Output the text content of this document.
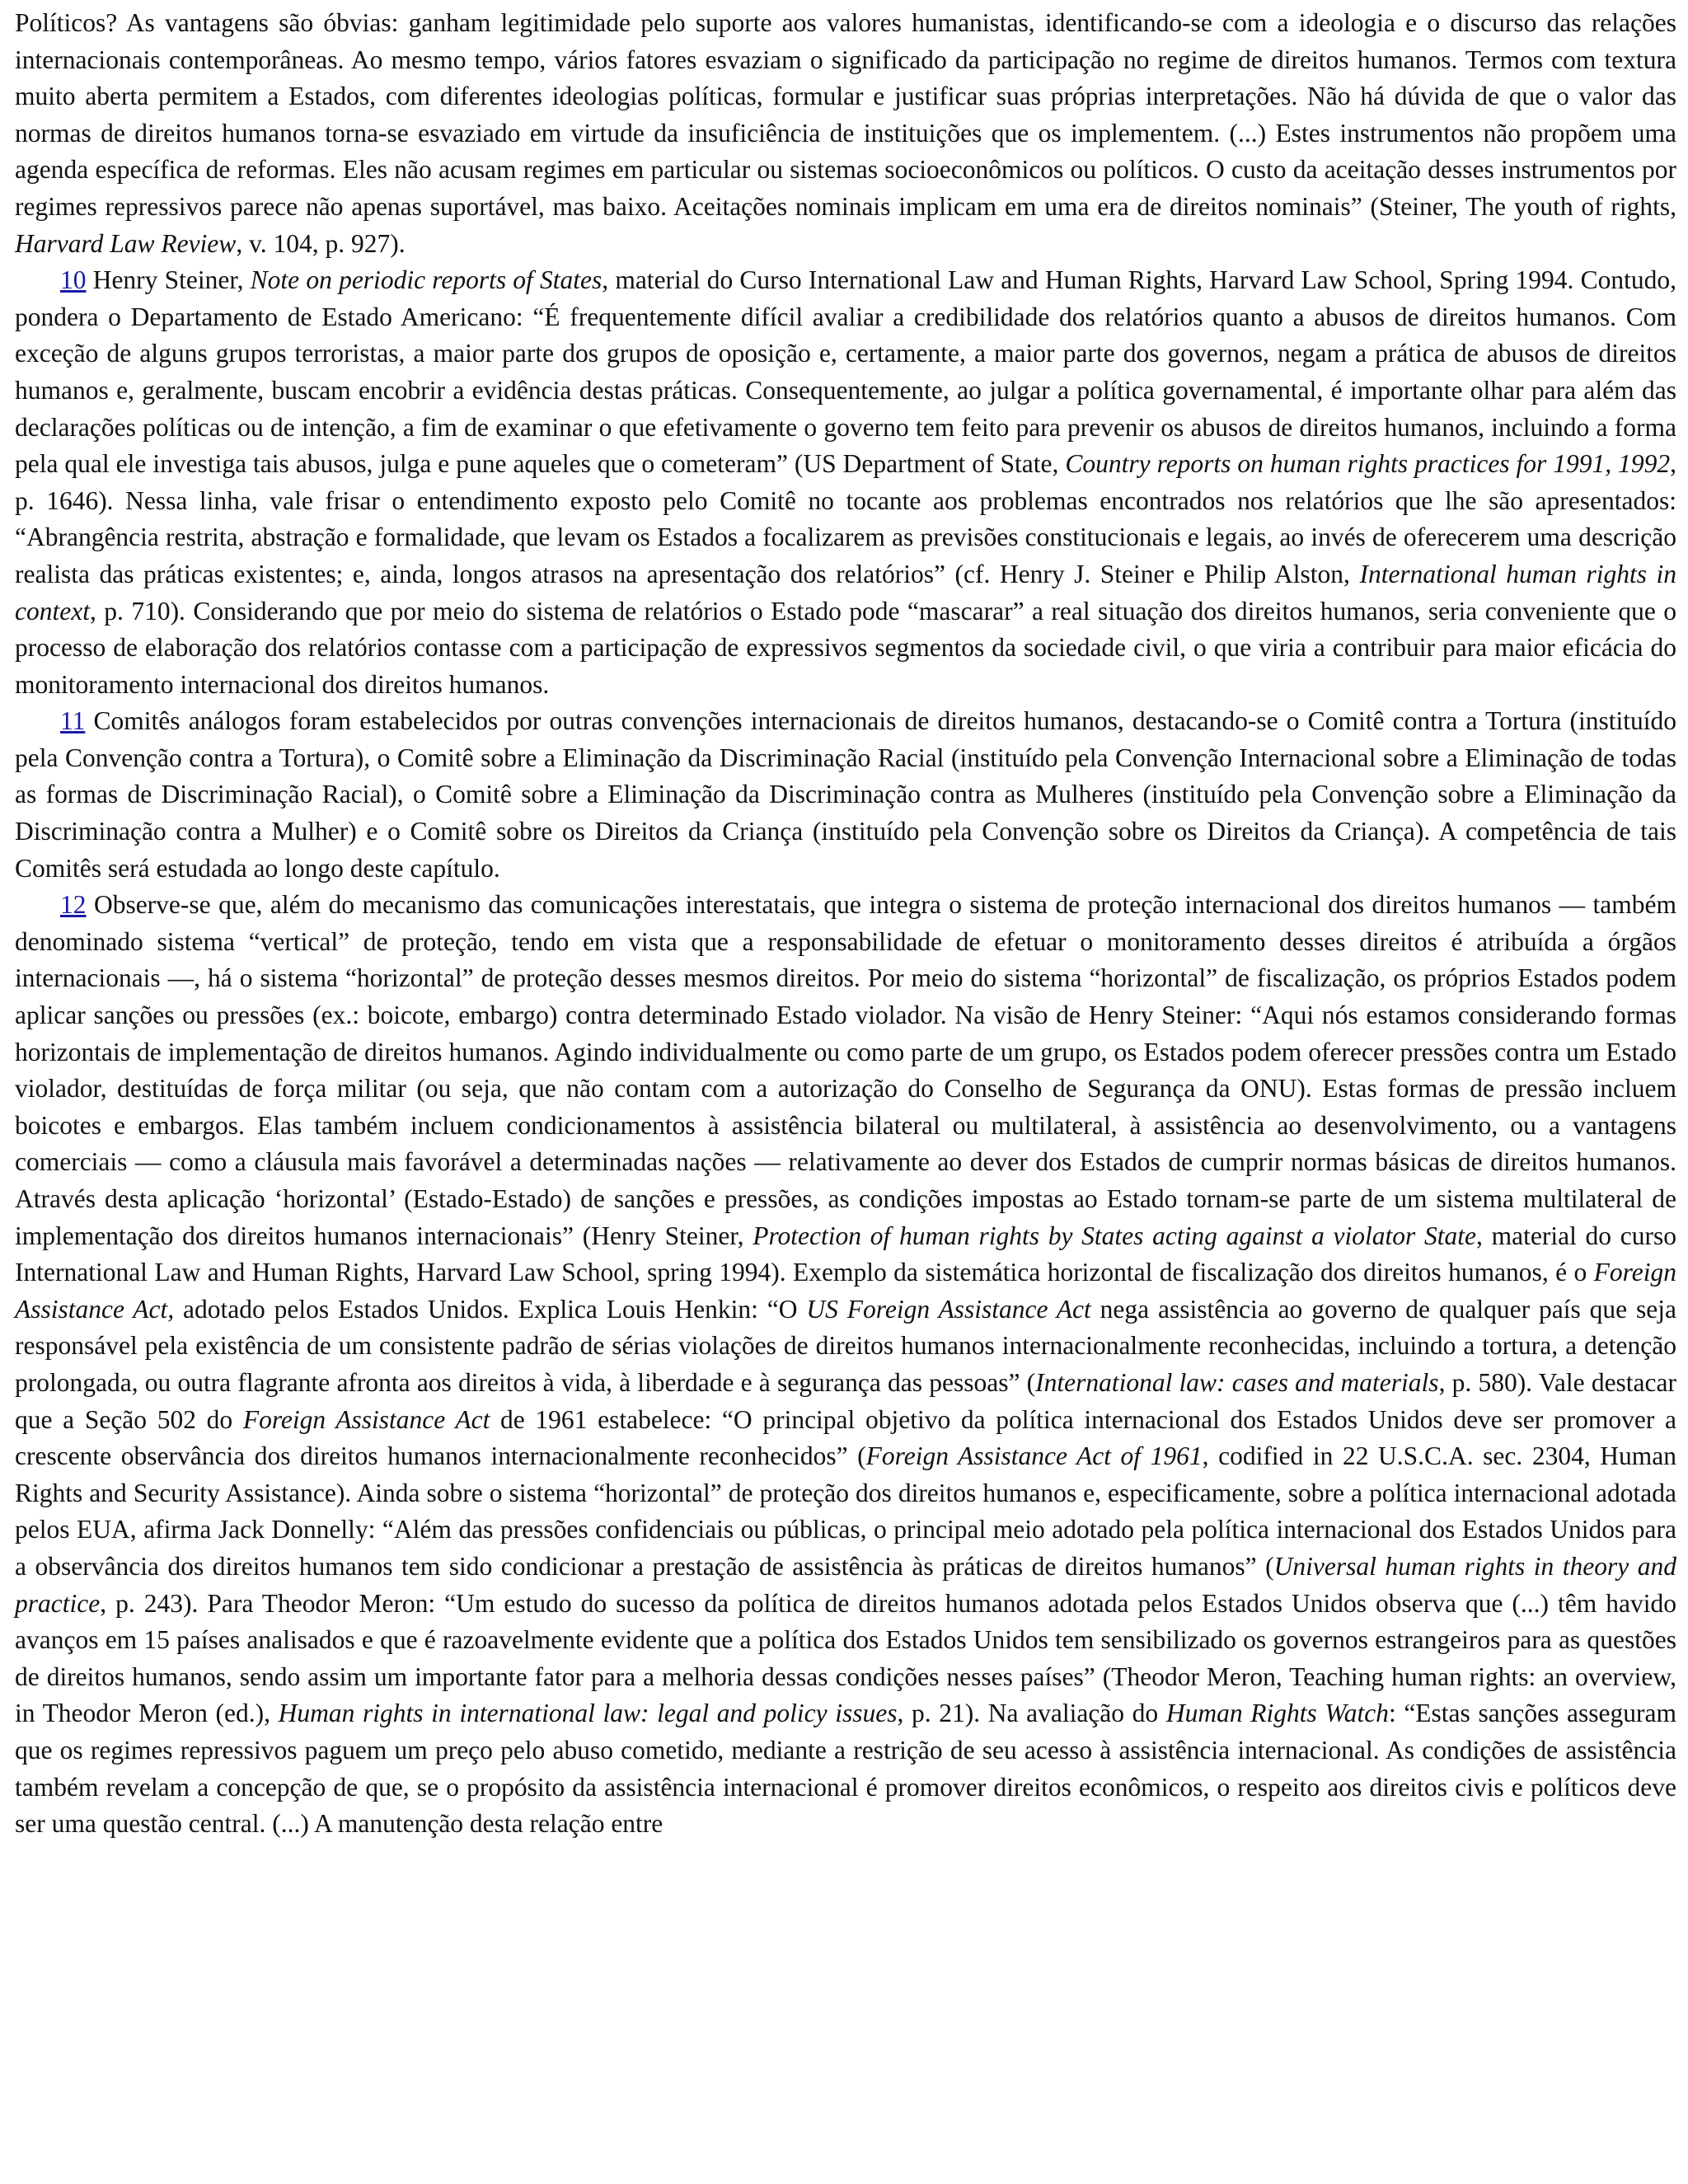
Políticos? As vantagens são óbvias: ganham legitimidade pelo suporte aos valores humanistas, identificando-se com a ideologia e o discurso das relações internacionais contemporâneas. Ao mesmo tempo, vários fatores esvaziam o significado da participação no regime de direitos humanos. Termos com textura muito aberta permitem a Estados, com diferentes ideologias políticas, formular e justificar suas próprias interpretações. Não há dúvida de que o valor das normas de direitos humanos torna-se esvaziado em virtude da insuficiência de instituições que os implementem. (...) Estes instrumentos não propõem uma agenda específica de reformas. Eles não acusam regimes em particular ou sistemas socioeconômicos ou políticos. O custo da aceitação desses instrumentos por regimes repressivos parece não apenas suportável, mas baixo. Aceitações nominais implicam em uma era de direitos nominais” (Steiner, The youth of rights, Harvard Law Review, v. 104, p. 927).

10 Henry Steiner, Note on periodic reports of States, material do Curso International Law and Human Rights, Harvard Law School, Spring 1994. Contudo, pondera o Departamento de Estado Americano: “É frequentemente difícil avaliar a credibilidade dos relatórios quanto a abusos de direitos humanos. Com exceção de alguns grupos terroristas, a maior parte dos grupos de oposição e, certamente, a maior parte dos governos, negam a prática de abusos de direitos humanos e, geralmente, buscam encobrir a evidência destas práticas. Consequentemente, ao julgar a política governamental, é importante olhar para além das declarações políticas ou de intenção, a fim de examinar o que efetivamente o governo tem feito para prevenir os abusos de direitos humanos, incluindo a forma pela qual ele investiga tais abusos, julga e pune aqueles que o cometeram” (US Department of State, Country reports on human rights practices for 1991, 1992, p. 1646). Nessa linha, vale frisar o entendimento exposto pelo Comitê no tocante aos problemas encontrados nos relatórios que lhe são apresentados: “Abrangência restrita, abstração e formalidade, que levam os Estados a focalizarem as previsões constitucionais e legais, ao invés de oferecerem uma descrição realista das práticas existentes; e, ainda, longos atrasos na apresentação dos relatórios” (cf. Henry J. Steiner e Philip Alston, International human rights in context, p. 710). Considerando que por meio do sistema de relatórios o Estado pode “mascarar” a real situação dos direitos humanos, seria conveniente que o processo de elaboração dos relatórios contasse com a participação de expressivos segmentos da sociedade civil, o que viria a contribuir para maior eficácia do monitoramento internacional dos direitos humanos.

11 Comitês análogos foram estabelecidos por outras convenções internacionais de direitos humanos, destacando-se o Comitê contra a Tortura (instituído pela Convenção contra a Tortura), o Comitê sobre a Eliminação da Discriminação Racial (instituído pela Convenção Internacional sobre a Eliminação de todas as formas de Discriminação Racial), o Comitê sobre a Eliminação da Discriminação contra as Mulheres (instituído pela Convenção sobre a Eliminação da Discriminação contra a Mulher) e o Comitê sobre os Direitos da Criança (instituído pela Convenção sobre os Direitos da Criança). A competência de tais Comitês será estudada ao longo deste capítulo.

12 Observe-se que, além do mecanismo das comunicações interestatais, que integra o sistema de proteção internacional dos direitos humanos — também denominado sistema “vertical” de proteção, tendo em vista que a responsabilidade de efetuar o monitoramento desses direitos é atribuída a órgãos internacionais —, há o sistema “horizontal” de proteção desses mesmos direitos. Por meio do sistema “horizontal” de fiscalização, os próprios Estados podem aplicar sanções ou pressões (ex.: boicote, embargo) contra determinado Estado violador. Na visão de Henry Steiner: “Aqui nós estamos considerando formas horizontais de implementação de direitos humanos. Agindo individualmente ou como parte de um grupo, os Estados podem oferecer pressões contra um Estado violador, destituídas de força militar (ou seja, que não contam com a autorização do Conselho de Segurança da ONU). Estas formas de pressão incluem boicotes e embargos. Elas também incluem condicionamentos à assistência bilateral ou multilateral, à assistência ao desenvolvimento, ou a vantagens comerciais — como a cláusula mais favorável a determinadas nações — relativamente ao dever dos Estados de cumprir normas básicas de direitos humanos. Através desta aplicação ‘horizontal’ (Estado-Estado) de sanções e pressões, as condições impostas ao Estado tornam-se parte de um sistema multilateral de implementação dos direitos humanos internacionais” (Henry Steiner, Protection of human rights by States acting against a violator State, material do curso International Law and Human Rights, Harvard Law School, spring 1994). Exemplo da sistemática horizontal de fiscalização dos direitos humanos, é o Foreign Assistance Act, adotado pelos Estados Unidos. Explica Louis Henkin: “O US Foreign Assistance Act nega assistência ao governo de qualquer país que seja responsável pela existência de um consistente padrão de sérias violações de direitos humanos internacionalmente reconhecidas, incluindo a tortura, a detenção prolongada, ou outra flagrante afronta aos direitos à vida, à liberdade e à segurança das pessoas” (International law: cases and materials, p. 580). Vale destacar que a Seção 502 do Foreign Assistance Act de 1961 estabelece: “O principal objetivo da política internacional dos Estados Unidos deve ser promover a crescente observância dos direitos humanos internacionalmente reconhecidos” (Foreign Assistance Act of 1961, codified in 22 U.S.C.A. sec. 2304, Human Rights and Security Assistance). Ainda sobre o sistema “horizontal” de proteção dos direitos humanos e, especificamente, sobre a política internacional adotada pelos EUA, afirma Jack Donnelly: “Além das pressões confidenciais ou públicas, o principal meio adotado pela política internacional dos Estados Unidos para a observância dos direitos humanos tem sido condicionar a prestação de assistência às práticas de direitos humanos” (Universal human rights in theory and practice, p. 243). Para Theodor Meron: “Um estudo do sucesso da política de direitos humanos adotada pelos Estados Unidos observa que (...) têm havido avanços em 15 países analisados e que é razoavelmente evidente que a política dos Estados Unidos tem sensibilizado os governos estrangeiros para as questões de direitos humanos, sendo assim um importante fator para a melhoria dessas condições nesses países” (Theodor Meron, Teaching human rights: an overview, in Theodor Meron (ed.), Human rights in international law: legal and policy issues, p. 21). Na avaliação do Human Rights Watch: “Estas sanções asseguram que os regimes repressivos paguem um preço pelo abuso cometido, mediante a restrição de seu acesso à assistência internacional. As condições de assistência também revelam a concepção de que, se o propósito da assistência internacional é promover direitos econômicos, o respeito aos direitos civis e políticos deve ser uma questão central. (...) A manutenção desta relação entre
